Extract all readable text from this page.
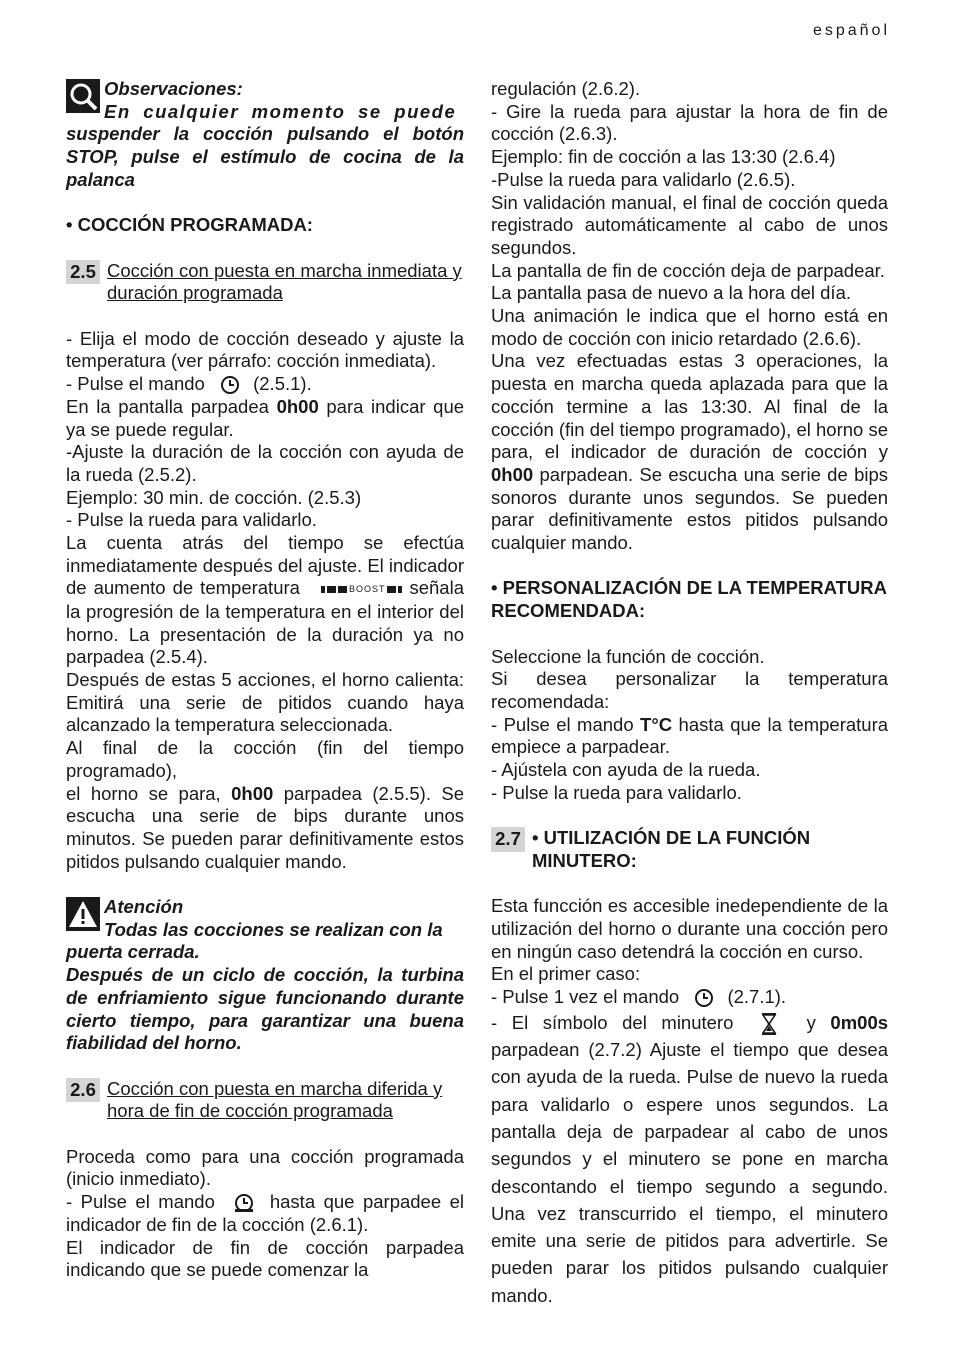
español

Observaciones:

En cualquier momento se puede

suspender la cocción pulsando el botón STOP, pulse el estímulo de cocina de la palanca

• COCCIÓN PROGRAMADA:

2.5 Cocción con puesta en marcha inmediata y duración programada

- Elija el modo de cocción deseado y ajuste la temperatura (ver párrafo: cocción inmediata).

- Pulse el mando	(2.5.1).

En la pantalla parpadea 0h00 para indicar que ya se puede regular.

-Ajuste la duración de la cocción con ayuda de la rueda (2.5.2).

Ejemplo: 30 min. de cocción. (2.5.3)

- Pulse la rueda para validarlo.

La cuenta atrás del tiempo se efectúa inmediatamente después del ajuste. El indicador de aumento de temperatura	BOOST señala la progresión de la temperatura en el interior del horno. La presentación de la duración ya no parpadea (2.5.4).

Después de estas 5 acciones, el horno calienta: Emitirá una serie de pitidos cuando haya alcanzado la temperatura seleccionada.

Al final de la cocción (fin del tiempo programado),

el horno se para, 0h00 parpadea (2.5.5). Se escucha una serie de bips durante unos minutos. Se pueden parar definitivamente estos pitidos pulsando cualquier mando.

Atención

Todas las cocciones se realizan con la

puerta cerrada.

Después de un ciclo de cocción, la turbina de enfriamiento sigue funcionando durante cierto tiempo, para garantizar una buena fiabilidad del horno.

2.6 Cocción con puesta en marcha diferida y hora de fin de cocción programada

Proceda como para una cocción programada (inicio inmediato).

- Pulse el mando	hasta que parpadee el indicador de fin de la cocción (2.6.1).

El indicador de fin de cocción parpadea indicando que se puede comenzar la

regulación (2.6.2).

- Gire la rueda para ajustar la hora de fin de cocción (2.6.3).

Ejemplo: fin de cocción a las 13:30 (2.6.4)

-Pulse la rueda para validarlo (2.6.5).

Sin validación manual, el final de cocción queda registrado automáticamente al cabo de unos segundos.

La pantalla de fin de cocción deja de parpadear.

La pantalla pasa de nuevo a la hora del día.

Una animación le indica que el horno está en modo de cocción con inicio retardado (2.6.6).

Una vez efectuadas estas 3 operaciones, la puesta en marcha queda aplazada para que la cocción termine a las 13:30. Al final de la cocción (fin del tiempo programado), el horno se para, el indicador de duración de cocción y 0h00 parpadean. Se escucha una serie de bips sonoros durante unos segundos. Se pueden parar definitivamente estos pitidos pulsando cualquier mando.

• PERSONALIZACIÓN DE LA TEMPERATURA RECOMENDADA:

Seleccione la función de cocción.

Si desea personalizar la temperatura recomendada:

- Pulse el mando T°C hasta que la temperatura empiece a parpadear.

- Ajústela con ayuda de la rueda.

- Pulse la rueda para validarlo.

2.7 • UTILIZACIÓN DE LA FUNCIÓN MINUTERO:

Esta funcción es accesible inedependiente de la utilización del horno o durante una cocción pero en ningún caso detendrá la cocción en curso.

En el primer caso:

- Pulse 1 vez el mando	(2.7.1).

- El símbolo del minutero	y 0m00s parpadean (2.7.2) Ajuste el tiempo que desea con ayuda de la rueda. Pulse de nuevo la rueda para validarlo o espere unos segundos. La pantalla deja de parpadear al cabo de unos segundos y el minutero se pone en marcha descontando el tiempo segundo a segundo. Una vez transcurrido el tiempo, el minutero emite una serie de pitidos para advertirle. Se pueden parar los pitidos pulsando cualquier mando.
